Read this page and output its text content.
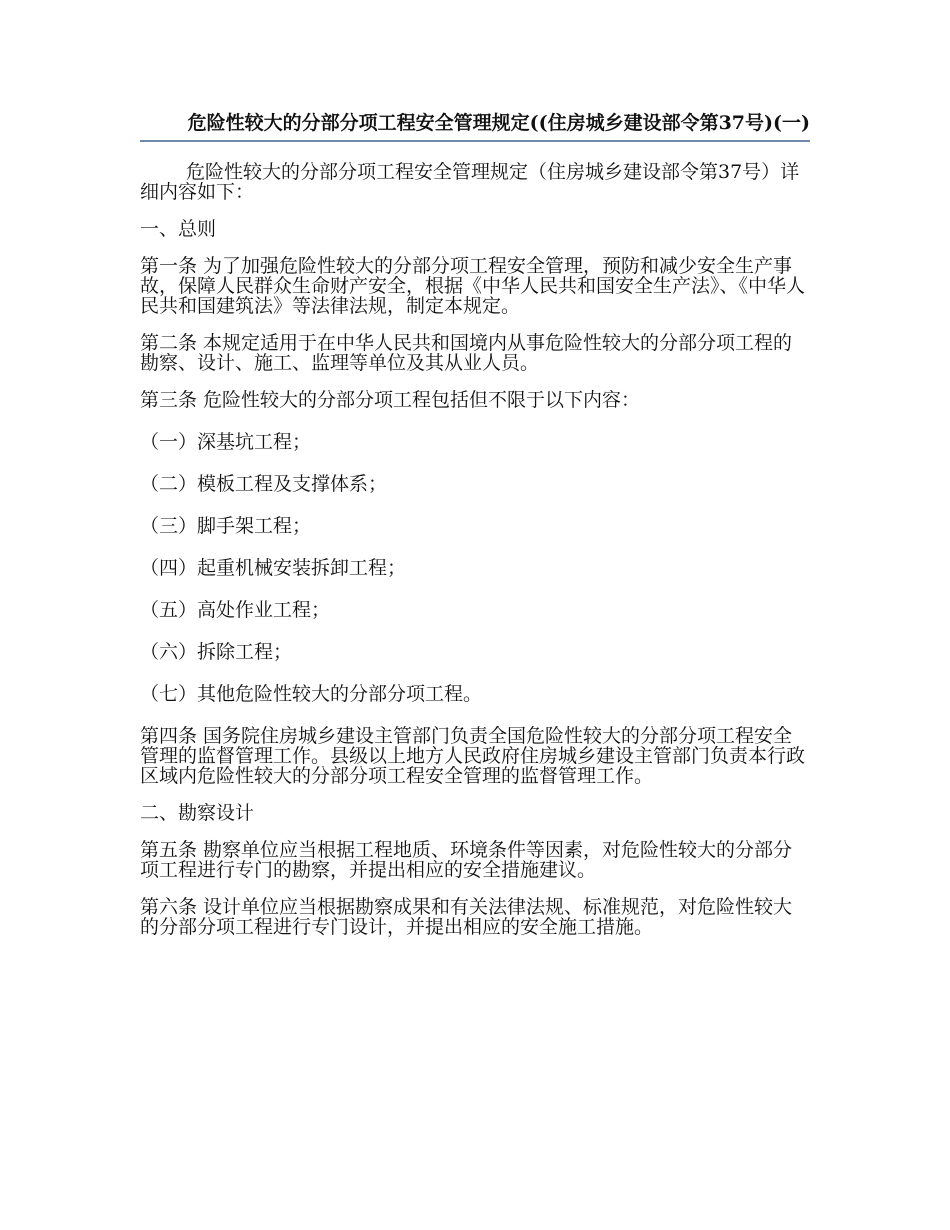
危险性较大的分部分项工程安全管理规定((住房城乡建设部令第37号)(一)

危险性较大的分部分项工程安全管理规定（住房城乡建设部令第37号）详细内容如下：

一、总则

第一条 为了加强危险性较大的分部分项工程安全管理，预防和减少安全生产事故，保障人民群众生命财产安全，根据《中华人民共和国安全生产法》、《中华人民共和国建筑法》等法律法规，制定本规定。

第二条 本规定适用于在中华人民共和国境内从事危险性较大的分部分项工程的勘察、设计、施工、监理等单位及其从业人员。

第三条 危险性较大的分部分项工程包括但不限于以下内容：

（一）深基坑工程；

（二）模板工程及支撑体系；

（三）脚手架工程；

（四）起重机械安装拆卸工程；

（五）高处作业工程；

（六）拆除工程；

（七）其他危险性较大的分部分项工程。

第四条 国务院住房城乡建设主管部门负责全国危险性较大的分部分项工程安全管理的监督管理工作。县级以上地方人民政府住房城乡建设主管部门负责本行政区域内危险性较大的分部分项工程安全管理的监督管理工作。

二、勘察设计

第五条 勘察单位应当根据工程地质、环境条件等因素，对危险性较大的分部分项工程进行专门的勘察，并提出相应的安全措施建议。

第六条 设计单位应当根据勘察成果和有关法律法规、标准规范，对危险性较大的分部分项工程进行专门设计，并提出相应的安全施工措施。
